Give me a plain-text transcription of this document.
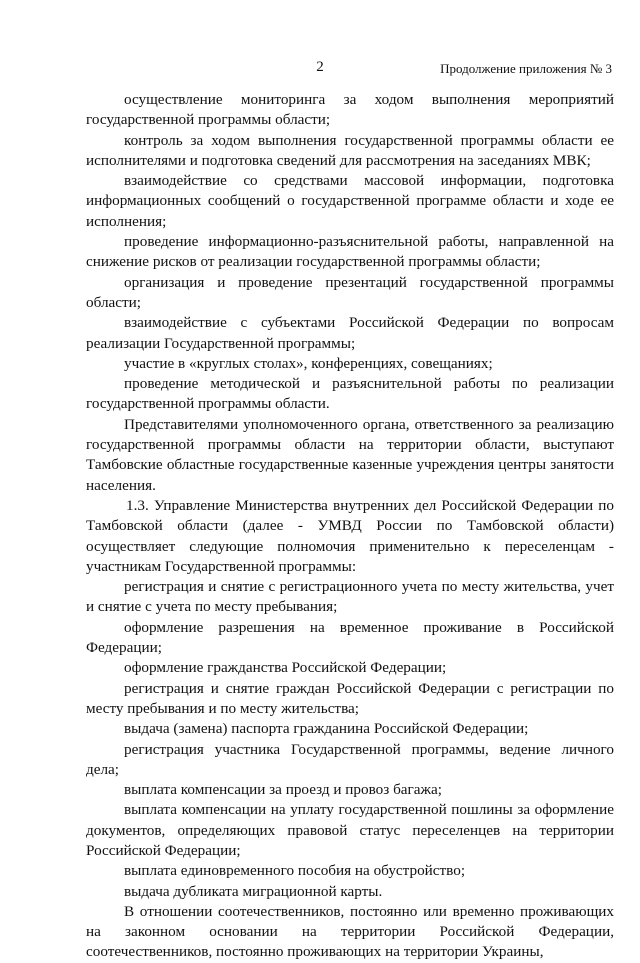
2	Продолжение приложения № 3

осуществление мониторинга за ходом выполнения мероприятий государственной программы области;

контроль за ходом выполнения государственной программы области ее исполнителями и подготовка сведений для рассмотрения на заседаниях МВК;

взаимодействие со средствами массовой информации, подготовка информационных сообщений о государственной программе области и ходе ее исполнения;

проведение информационно-разъяснительной работы, направленной на снижение рисков от реализации государственной программы области;

организация и проведение презентаций государственной программы области;

взаимодействие с субъектами Российской Федерации по вопросам реализации Государственной программы;

участие в «круглых столах», конференциях, совещаниях;

проведение методической и разъяснительной работы по реализации государственной программы области.

Представителями уполномоченного органа, ответственного за реализацию государственной программы области на территории области, выступают Тамбовские областные государственные казенные учреждения центры занятости населения.

1.3. Управление Министерства внутренних дел Российской Федерации по Тамбовской области (далее - УМВД России по Тамбовской области) осуществляет следующие полномочия применительно к переселенцам - участникам Государственной программы:

регистрация и снятие с регистрационного учета по месту жительства, учет и снятие с учета по месту пребывания;

оформление разрешения на временное проживание в Российской Федерации;

оформление гражданства Российской Федерации;

регистрация и снятие граждан Российской Федерации с регистрации по месту пребывания и по месту жительства;

выдача (замена) паспорта гражданина Российской Федерации;

регистрация участника Государственной программы, ведение личного дела;

выплата компенсации за проезд и провоз багажа;

выплата компенсации на уплату государственной пошлины за оформление документов, определяющих правовой статус переселенцев на территории Российской Федерации;

выплата единовременного пособия на обустройство;

выдача дубликата миграционной карты.

В отношении соотечественников, постоянно или временно проживающих на законном основании на территории Российской Федерации, соотечественников, постоянно проживающих на территории Украины,
